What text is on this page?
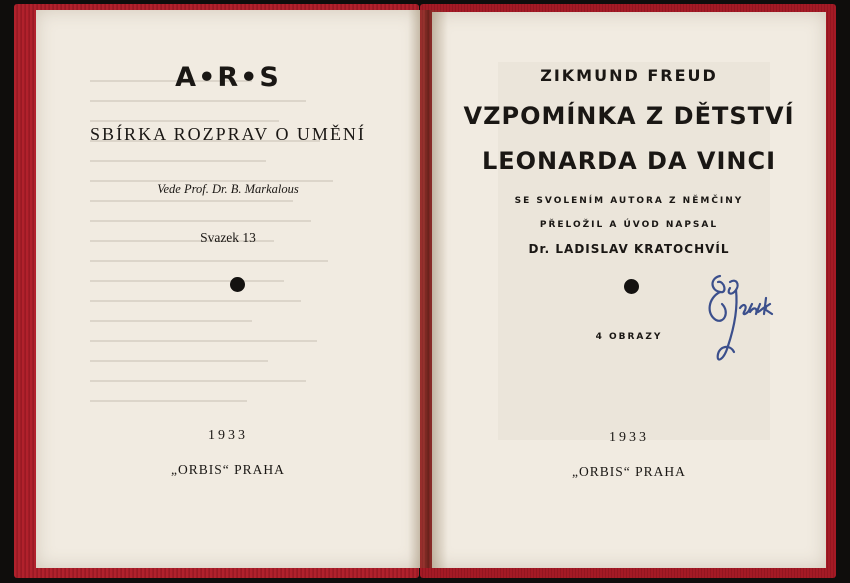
A•R•S
SBÍRKA ROZPRAV O UMĚNÍ
Vede Prof. Dr. B. Markalous
Svazek 13
1933
„ORBIS“ PRAHA
ZIKMUND FREUD
VZPOMÍNKA Z DĚTSTVÍ
LEONARDA DA VINCI
SE SVOLENÍM AUTORA Z NĚMČINY
PŘELOŽIL A ÚVOD NAPSAL
Dr. LADISLAV KRATOCHVÍL
4 OBRAZY
1933
„ORBIS“ PRAHA
